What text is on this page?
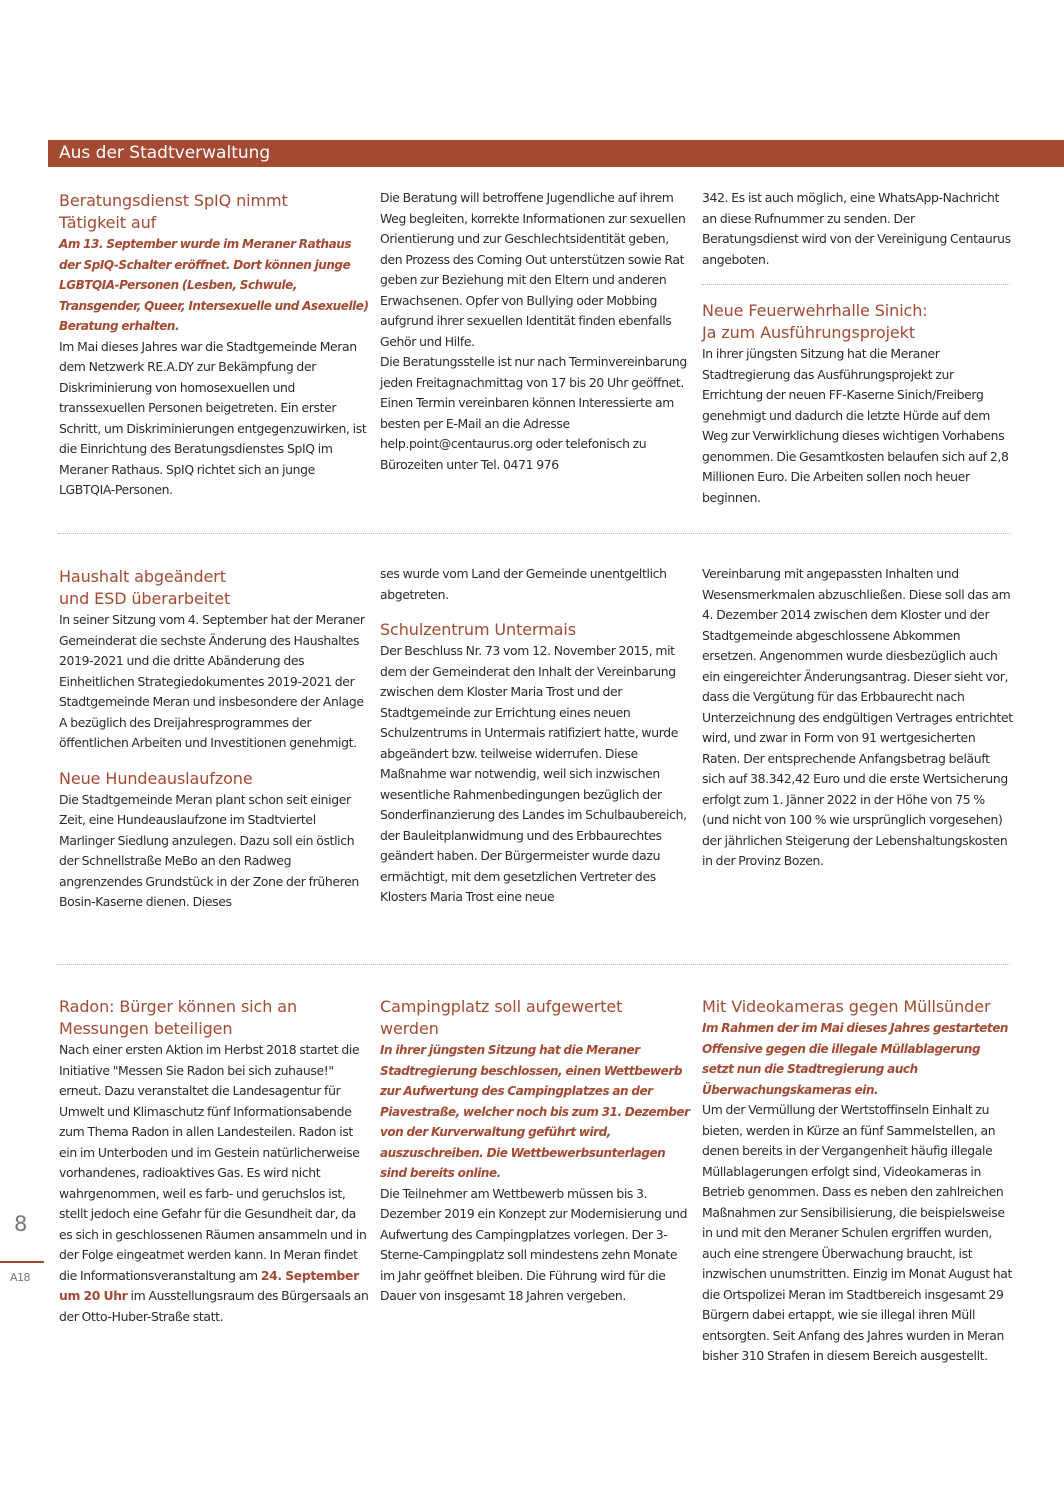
Aus der Stadtverwaltung
Beratungsdienst SpIQ nimmt
Tätigkeit auf

Am 13. September wurde im Meraner Rathaus der SpIQ-Schalter eröffnet. Dort können junge LGBTQIA-Personen (Lesben, Schwule, Transgender, Queer, Intersexuelle und Asexuelle) Beratung erhalten.

Im Mai dieses Jahres war die Stadtgemeinde Meran dem Netzwerk RE.A.DY zur Bekämpfung der Diskriminierung von homosexuellen und transsexuellen Personen beigetreten. Ein erster Schritt, um Diskriminierungen entgegenzuwirken, ist die Einrichtung des Beratungsdienstes SpIQ im Meraner Rathaus. SpIQ richtet sich an junge LGBTQIA-Personen.

Die Beratung will betroffene Jugendliche auf ihrem Weg begleiten, korrekte Informationen zur sexuellen Orientierung und zur Geschlechtsidentität geben, den Prozess des Coming Out unterstützen sowie Rat geben zur Beziehung mit den Eltern und anderen Erwachsenen. Opfer von Bullying oder Mobbing aufgrund ihrer sexuellen Identität finden ebenfalls Gehör und Hilfe.

Die Beratungsstelle ist nur nach Terminvereinbarung jeden Freitagnachmittag von 17 bis 20 Uhr geöffnet. Einen Termin vereinbaren können Interessierte am besten per E-Mail an die Adresse help.point@centaurus.org oder telefonisch zu Bürozeiten unter Tel. 0471 976

342. Es ist auch möglich, eine WhatsApp-Nachricht an diese Rufnummer zu senden. Der Beratungsdienst wird von der Vereinigung Centaurus angeboten.

Neue Feuerwehrhalle Sinich:
Ja zum Ausführungsprojekt

In ihrer jüngsten Sitzung hat die Meraner Stadtregierung das Ausführungsprojekt zur Errichtung der neuen FF-Kaserne Sinich/Freiberg genehmigt und dadurch die letzte Hürde auf dem Weg zur Verwirklichung dieses wichtigen Vorhabens genommen. Die Gesamtkosten belaufen sich auf 2,8 Millionen Euro. Die Arbeiten sollen noch heuer beginnen.

Haushalt abgeändert
und ESD überarbeitet

In seiner Sitzung vom 4. September hat der Meraner Gemeinderat die sechste Änderung des Haushaltes 2019-2021 und die dritte Abänderung des Einheitlichen Strategiedokumentes 2019-2021 der Stadtgemeinde Meran und insbesondere der Anlage A bezüglich des Dreijahresprogrammes der öffentlichen Arbeiten und Investitionen genehmigt.

Neue Hundeauslaufzone

Die Stadtgemeinde Meran plant schon seit einiger Zeit, eine Hundeauslaufzone im Stadtviertel Marlinger Siedlung anzulegen. Dazu soll ein östlich der Schnellstraße MeBo an den Radweg angrenzendes Grundstück in der Zone der früheren Bosin-Kaserne dienen. Dieses

ses wurde vom Land der Gemeinde unentgeltlich abgetreten.

Schulzentrum Untermais

Der Beschluss Nr. 73 vom 12. November 2015, mit dem der Gemeinderat den Inhalt der Vereinbarung zwischen dem Kloster Maria Trost und der Stadtgemeinde zur Errichtung eines neuen Schulzentrums in Untermais ratifiziert hatte, wurde abgeändert bzw. teilweise widerrufen. Diese Maßnahme war notwendig, weil sich inzwischen wesentliche Rahmenbedingungen bezüglich der Sonderfinanzierung des Landes im Schulbaubereich, der Bauleitplanwidmung und des Erbbaurechtes geändert haben. Der Bürgermeister wurde dazu ermächtigt, mit dem gesetzlichen Vertreter des Klosters Maria Trost eine neue

Vereinbarung mit angepassten Inhalten und Wesensmerkmalen abzuschließen. Diese soll das am 4. Dezember 2014 zwischen dem Kloster und der Stadtgemeinde abgeschlossene Abkommen ersetzen. Angenommen wurde diesbezüglich auch ein eingereichter Änderungsantrag. Dieser sieht vor, dass die Vergütung für das Erbbaurecht nach Unterzeichnung des endgültigen Vertrages entrichtet wird, und zwar in Form von 91 wertgesicherten Raten. Der entsprechende Anfangsbetrag beläuft sich auf 38.342,42 Euro und die erste Wertsicherung erfolgt zum 1. Jänner 2022 in der Höhe von 75 % (und nicht von 100 % wie ursprünglich vorgesehen) der jährlichen Steigerung der Lebenshaltungskosten in der Provinz Bozen.

Radon: Bürger können sich an
Messungen beteiligen

Nach einer ersten Aktion im Herbst 2018 startet die Initiative "Messen Sie Radon bei sich zuhause!" erneut. Dazu veranstaltet die Landesagentur für Umwelt und Klimaschutz fünf Informationsabende zum Thema Radon in allen Landesteilen. Radon ist ein im Unterboden und im Gestein natürlicherweise vorhandenes, radioaktives Gas. Es wird nicht wahrgenommen, weil es farb- und geruchslos ist, stellt jedoch eine Gefahr für die Gesundheit dar, da es sich in geschlossenen Räumen ansammeln und in der Folge eingeatmet werden kann. In Meran findet die Informationsveranstaltung am 24. September um 20 Uhr im Ausstellungsraum des Bürgersaals an der Otto-Huber-Straße statt.

Campingplatz soll aufgewertet
werden

In ihrer jüngsten Sitzung hat die Meraner Stadtregierung beschlossen, einen Wettbewerb zur Aufwertung des Campingplatzes an der Piavestraße, welcher noch bis zum 31. Dezember von der Kurverwaltung geführt wird, auszuschreiben. Die Wettbewerbsunterlagen sind bereits online.

Die Teilnehmer am Wettbewerb müssen bis 3. Dezember 2019 ein Konzept zur Modernisierung und Aufwertung des Campingplatzes vorlegen. Der 3-Sterne-Campingplatz soll mindestens zehn Monate im Jahr geöffnet bleiben. Die Führung wird für die Dauer von insgesamt 18 Jahren vergeben.

Mit Videokameras gegen Müllsünder

Im Rahmen der im Mai dieses Jahres gestarteten Offensive gegen die illegale Müllablagerung setzt nun die Stadtregierung auch Überwachungskameras ein.

Um der Vermüllung der Wertstoffinseln Einhalt zu bieten, werden in Kürze an fünf Sammelstellen, an denen bereits in der Vergangenheit häufig illegale Müllablagerungen erfolgt sind, Videokameras in Betrieb genommen. Dass es neben den zahlreichen Maßnahmen zur Sensibilisierung, die beispielsweise in und mit den Meraner Schulen ergriffen wurden, auch eine strengere Überwachung braucht, ist inzwischen unumstritten. Einzig im Monat August hat die Ortspolizei Meran im Stadtbereich insgesamt 29 Bürgern dabei ertappt, wie sie illegal ihren Müll entsorgten. Seit Anfang des Jahres wurden in Meran bisher 310 Strafen in diesem Bereich ausgestellt.

8
A18
